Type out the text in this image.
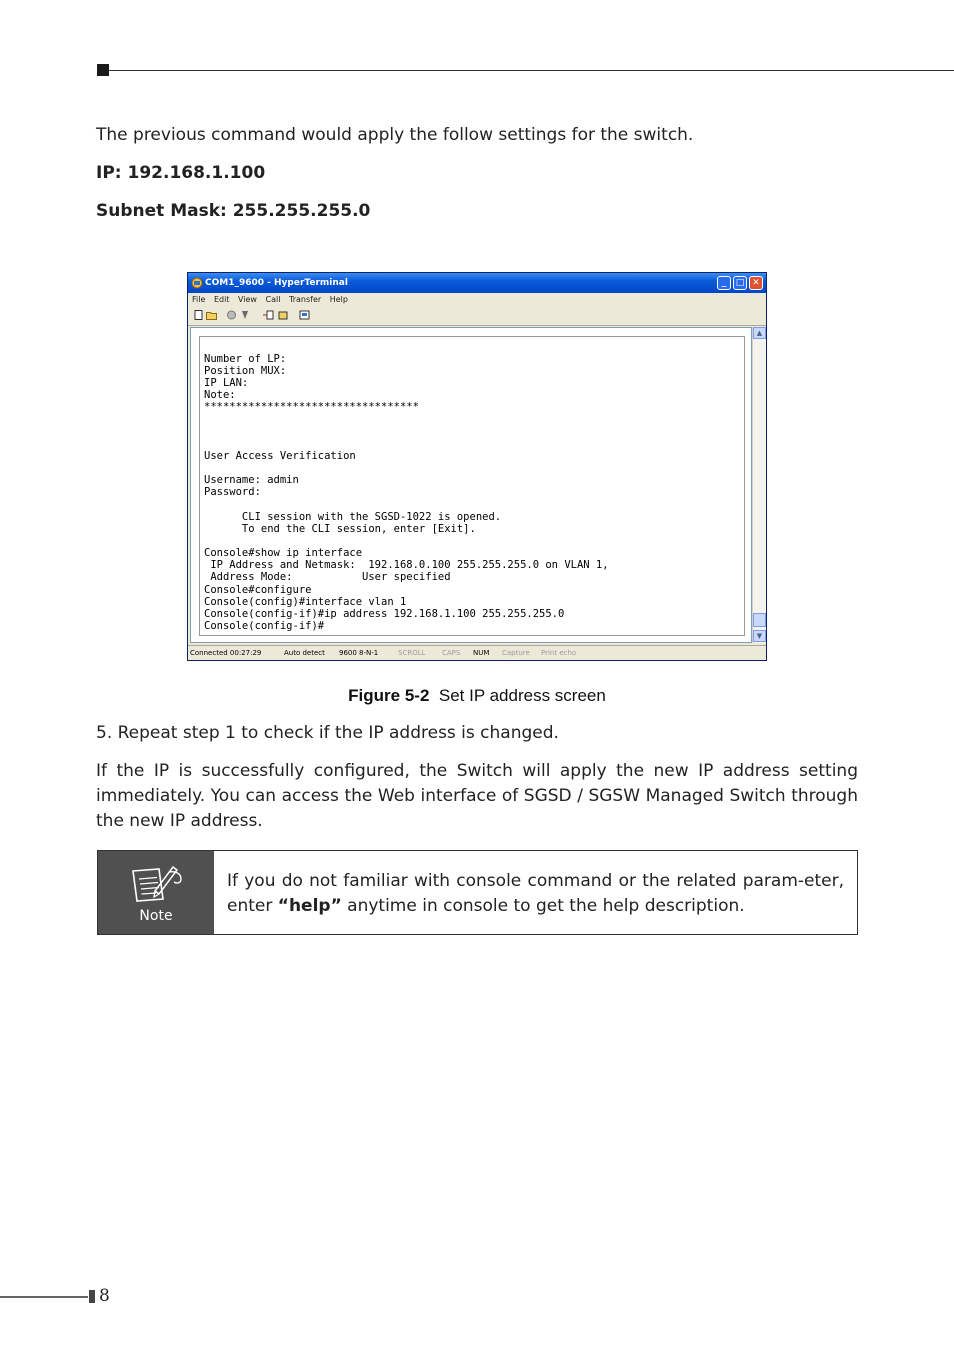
The previous command would apply the follow settings for the switch.

IP: 192.168.1.100

Subnet Mask: 255.255.255.0

COM1_9600 - HyperTerminal	_	□ ✕
File Edit View Call Transfer Help
Number of LP:
Position MUX:
IP LAN:
Note:
**********************************
User Access Verification
Username: admin
Password:
CLI session with the SGSD-1022 is opened.
To end the CLI session, enter [Exit].
Console#show ip interface
IP Address and Netmask:  192.168.0.100 255.255.255.0 on VLAN 1,
Address Mode:           User specified
Console#configure
Console(config)#interface vlan 1
Console(config-if)#ip address 192.168.1.100 255.255.255.0
Console(config-if)#
▲
▼
Connected 00:27:29	Auto detect 9600 8-N-1	SCROLL CAPS NUM Capture Print echo
Figure 5-2 Set IP address screen

5. Repeat step 1 to check if the IP address is changed.

If the IP is successfully configured, the Switch will apply the new IP address setting immediately. You can access the Web interface of SGSD / SGSW Managed Switch through the new IP address.

Note

If you do not familiar with console command or the related param-eter, enter “help” anytime in console to get the help description.

8
